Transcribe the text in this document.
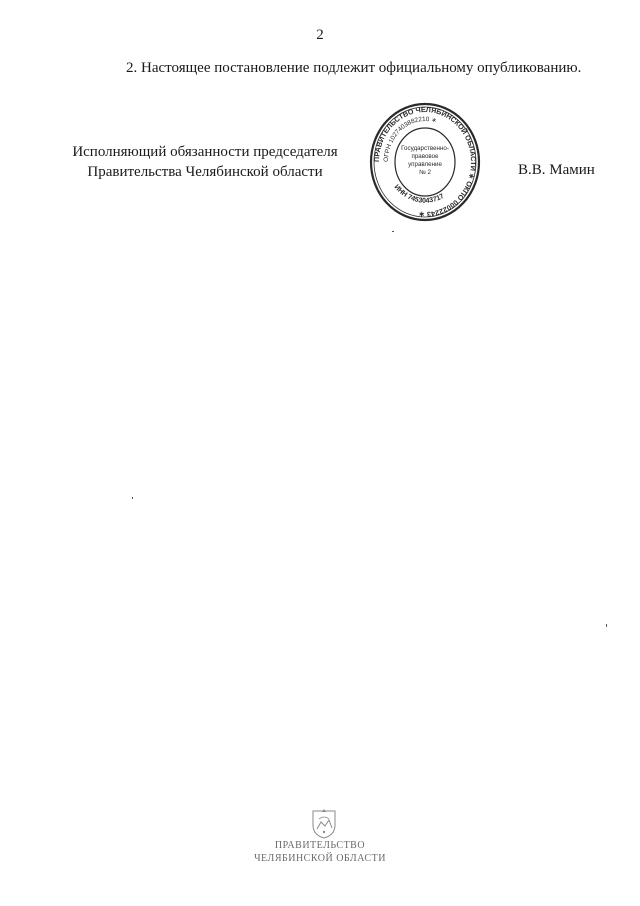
2
2. Настоящее постановление подлежит официальному опубликованию.
Исполняющий обязанности председателя
Правительства Челябинской области
ПРАВИТЕЛЬСТВО ЧЕЛЯБИНСКОЙ ОБЛАСТИ ∗ ОКПО 00022243 ∗
ОГРН 1027403882210 ∗
ИНН 7453043717
Государственно-
правовое
управление
№ 2	В.В. Мамин
ПРАВИТЕЛЬСТВО
ЧЕЛЯБИНСКОЙ ОБЛАСТИ
